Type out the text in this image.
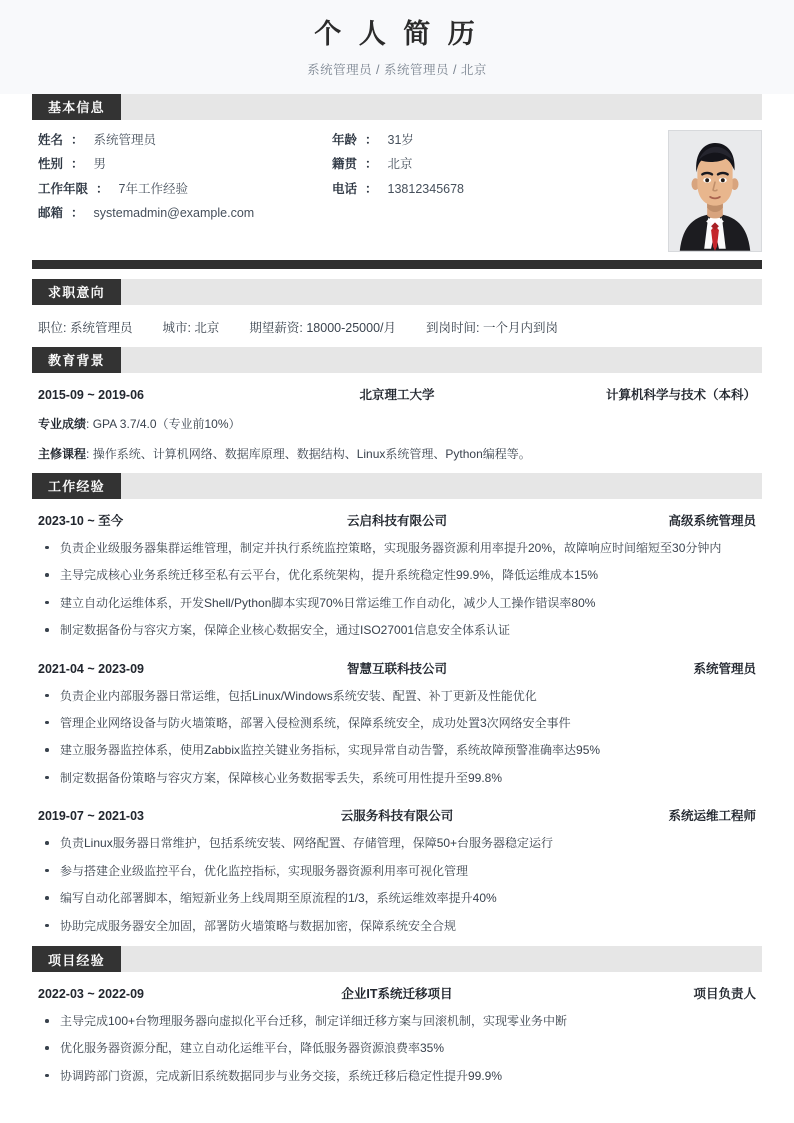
个 人 简 历
系统管理员 / 系统管理员 / 北京
基本信息
姓名 ： 系统管理员
性别 ： 男
工作年限 ： 7年工作经验
年龄 ： 31岁
籍贯 ： 北京
电话 ： 13812345678
邮箱 ： systemadmin@example.com
求职意向
职位: 系统管理员 城市: 北京 期望薪资: 18000-25000/月 到岗时间: 一个月内到岗
教育背景
2015-09 ~ 2019-06	北京理工大学	计算机科学与技术（本科）
专业成绩: GPA 3.7/4.0（专业前10%）
主修课程: 操作系统、计算机网络、数据库原理、数据结构、Linux系统管理、Python编程等。
工作经验
2023-10 ~ 至今	云启科技有限公司	高级系统管理员
负责企业级服务器集群运维管理，制定并执行系统监控策略，实现服务器资源利用率提升20%，故障响应时间缩短至30分钟内
主导完成核心业务系统迁移至私有云平台，优化系统架构，提升系统稳定性99.9%，降低运维成本15%
建立自动化运维体系，开发Shell/Python脚本实现70%日常运维工作自动化，减少人工操作错误率80%
制定数据备份与容灾方案，保障企业核心数据安全，通过ISO27001信息安全体系认证
2021-04 ~ 2023-09	智慧互联科技公司	系统管理员
负责企业内部服务器日常运维，包括Linux/Windows系统安装、配置、补丁更新及性能优化
管理企业网络设备与防火墙策略，部署入侵检测系统，保障系统安全，成功处置3次网络安全事件
建立服务器监控体系，使用Zabbix监控关键业务指标，实现异常自动告警，系统故障预警准确率达95%
制定数据备份策略与容灾方案，保障核心业务数据零丢失，系统可用性提升至99.8%
2019-07 ~ 2021-03	云服务科技有限公司	系统运维工程师
负责Linux服务器日常维护，包括系统安装、网络配置、存储管理，保障50+台服务器稳定运行
参与搭建企业级监控平台，优化监控指标，实现服务器资源利用率可视化管理
编写自动化部署脚本，缩短新业务上线周期至原流程的1/3，系统运维效率提升40%
协助完成服务器安全加固，部署防火墙策略与数据加密，保障系统安全合规
项目经验
2022-03 ~ 2022-09	企业IT系统迁移项目	项目负责人
主导完成100+台物理服务器向虚拟化平台迁移，制定详细迁移方案与回滚机制，实现零业务中断
优化服务器资源分配，建立自动化运维平台，降低服务器资源浪费率35%
协调跨部门资源，完成新旧系统数据同步与业务交接，系统迁移后稳定性提升99.9%
